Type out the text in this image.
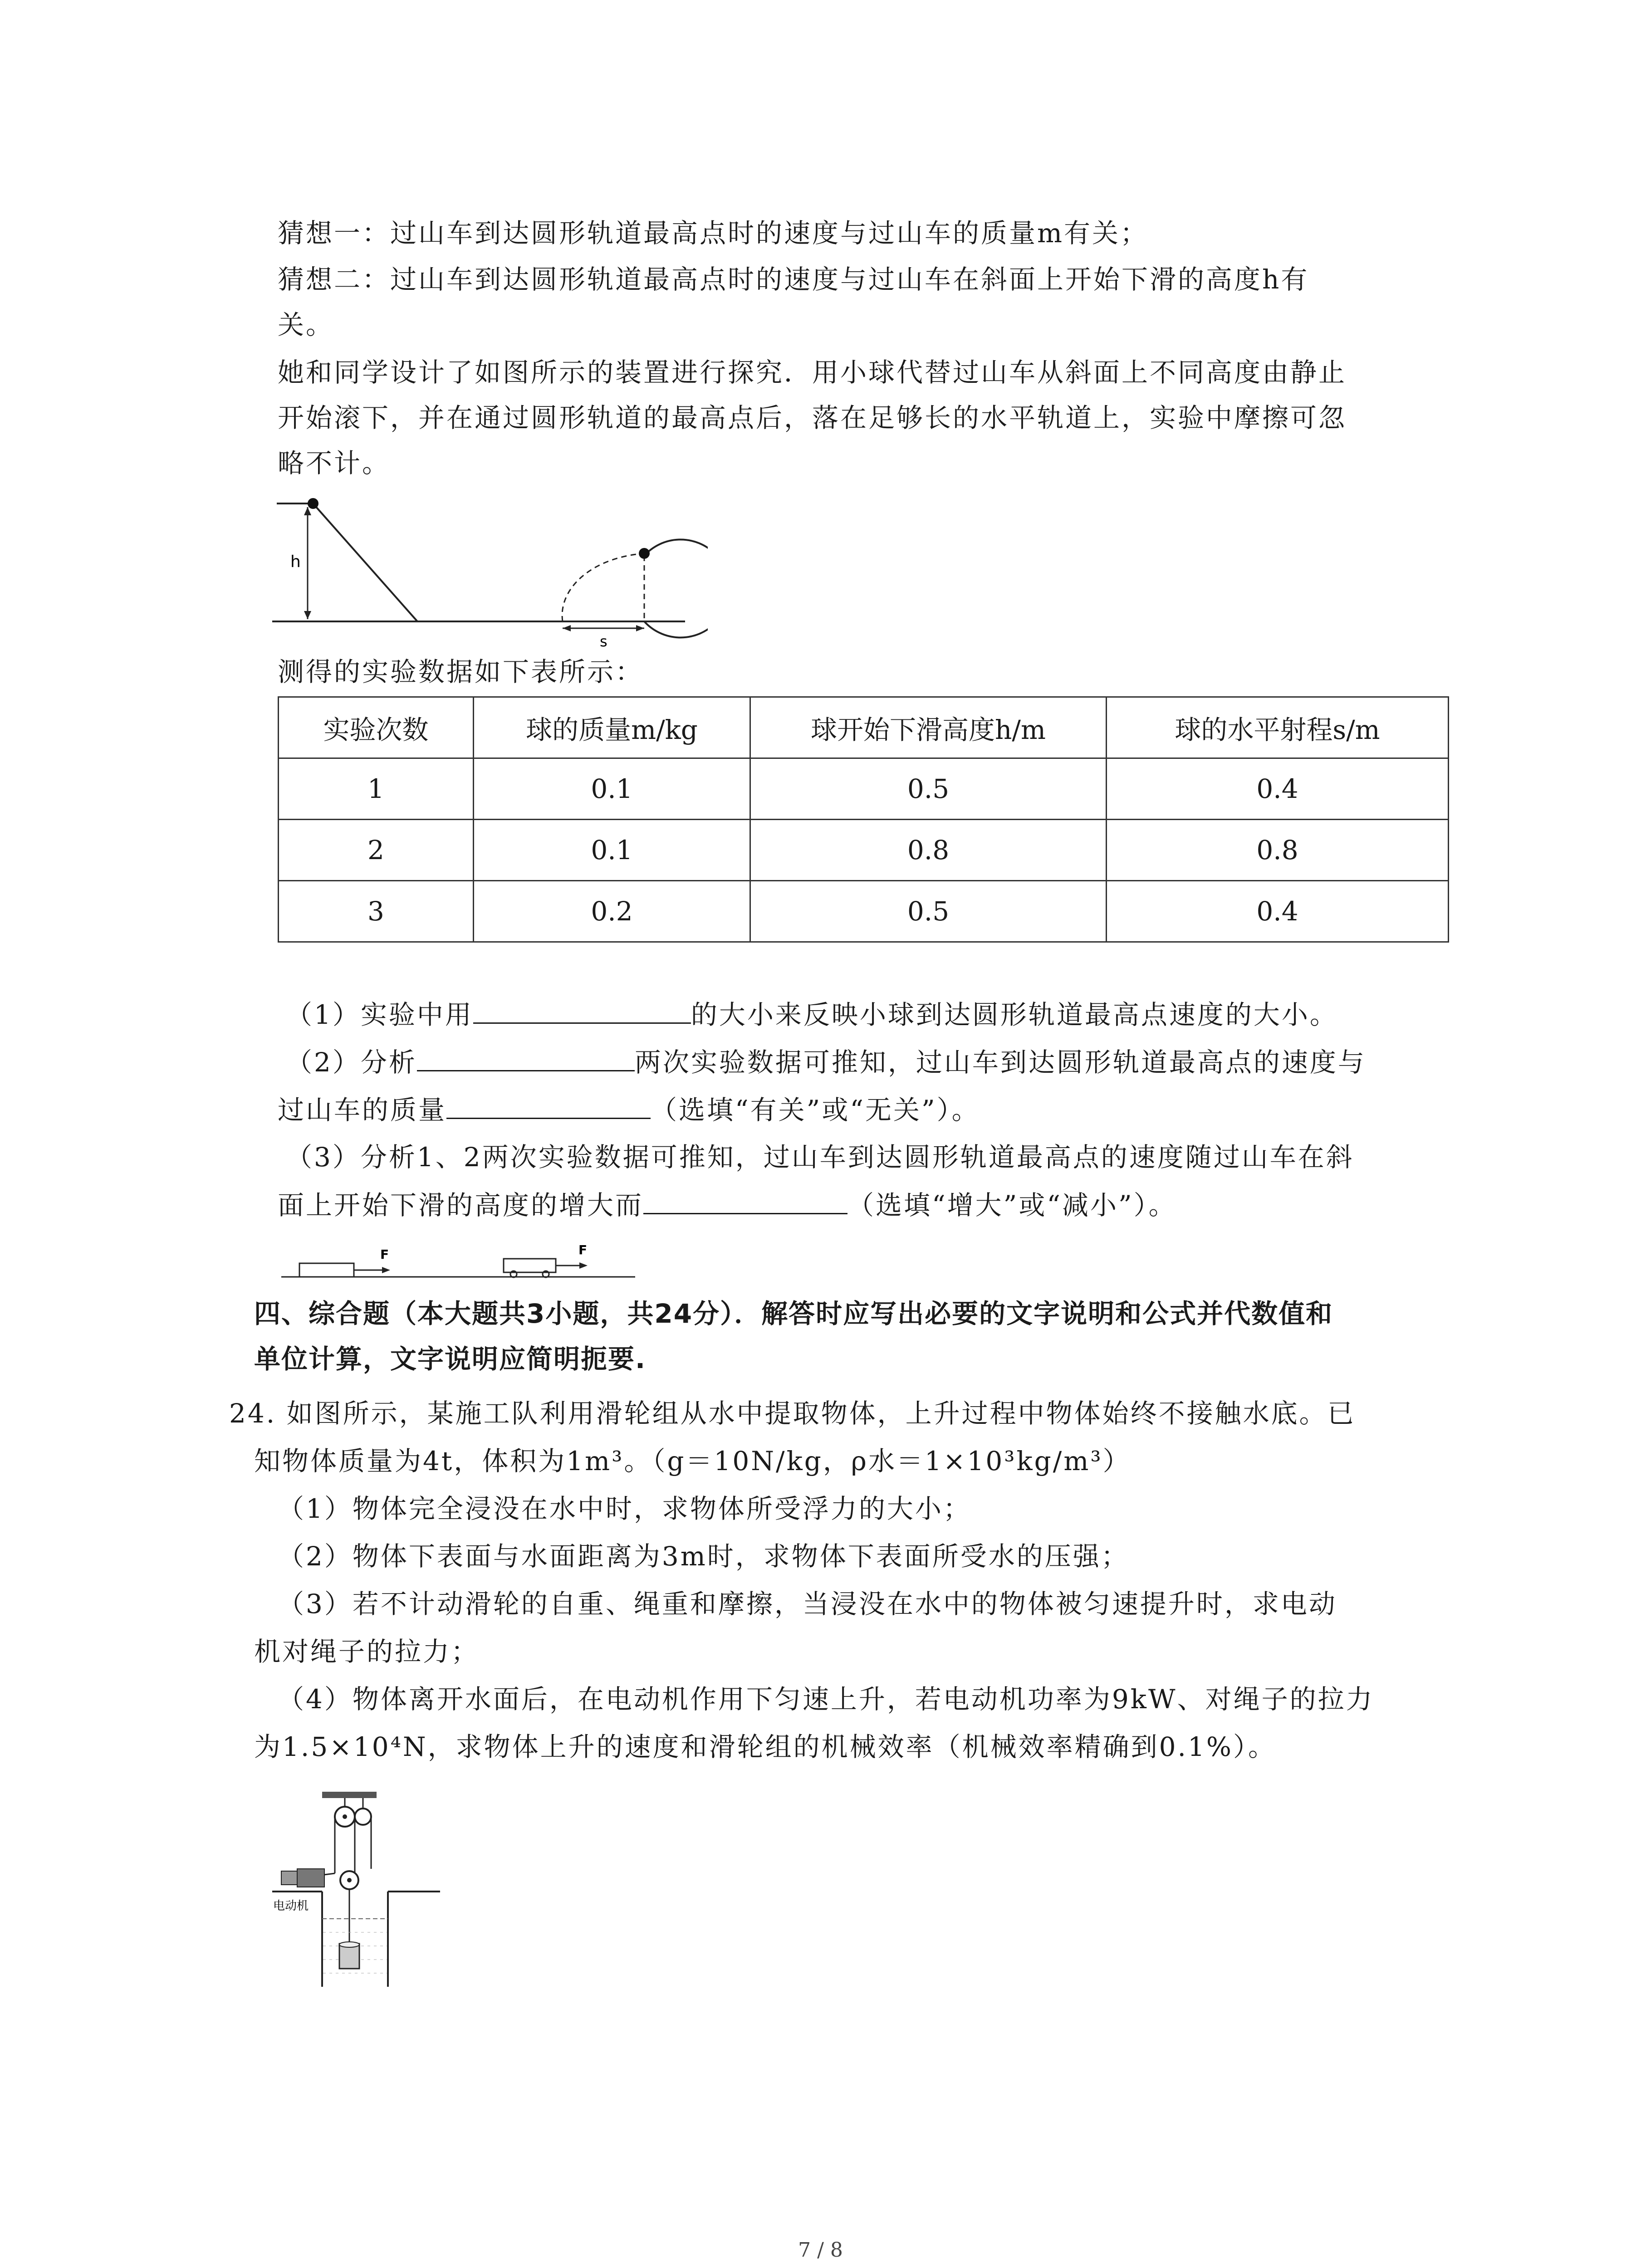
猜想一：过山车到达圆形轨道最高点时的速度与过山车的质量m有关；
猜想二：过山车到达圆形轨道最高点时的速度与过山车在斜面上开始下滑的高度h有
关。
她和同学设计了如图所示的装置进行探究．用小球代替过山车从斜面上不同高度由静止
开始滚下，并在通过圆形轨道的最高点后，落在足够长的水平轨道上，实验中摩擦可忽
略不计。
h
s
测得的实验数据如下表所示：
实验次数	球的质量m/kg	球开始下滑高度h/m	球的水平射程s/m
1	0.1	0.5	0.4
2	0.1	0.8	0.8
3	0.2	0.5	0.4
（1）实验中用	的大小来反映小球到达圆形轨道最高点速度的大小。
（2）分析	两次实验数据可推知，过山车到达圆形轨道最高点的速度与
过山车的质量	（选填“有关”或“无关”）。
（3）分析1、2两次实验数据可推知，过山车到达圆形轨道最高点的速度随过山车在斜
面上开始下滑的高度的增大而	（选填“增大”或“减小”）。
F	F
四、综合题（本大题共3小题，共24分）．解答时应写出必要的文字说明和公式并代数值和
单位计算，文字说明应简明扼要.
24. 如图所示，某施工队利用滑轮组从水中提取物体，上升过程中物体始终不接触水底。已
知物体质量为4t，体积为1m³。（g＝10N/kg，ρ水＝1×10³kg/m³）
（1）物体完全浸没在水中时，求物体所受浮力的大小；
（2）物体下表面与水面距离为3m时，求物体下表面所受水的压强；
（3）若不计动滑轮的自重、绳重和摩擦，当浸没在水中的物体被匀速提升时，求电动
机对绳子的拉力；
（4）物体离开水面后，在电动机作用下匀速上升，若电动机功率为9kW、对绳子的拉力
为1.5×10⁴N，求物体上升的速度和滑轮组的机械效率（机械效率精确到0.1%）。
电动机
7 / 8
